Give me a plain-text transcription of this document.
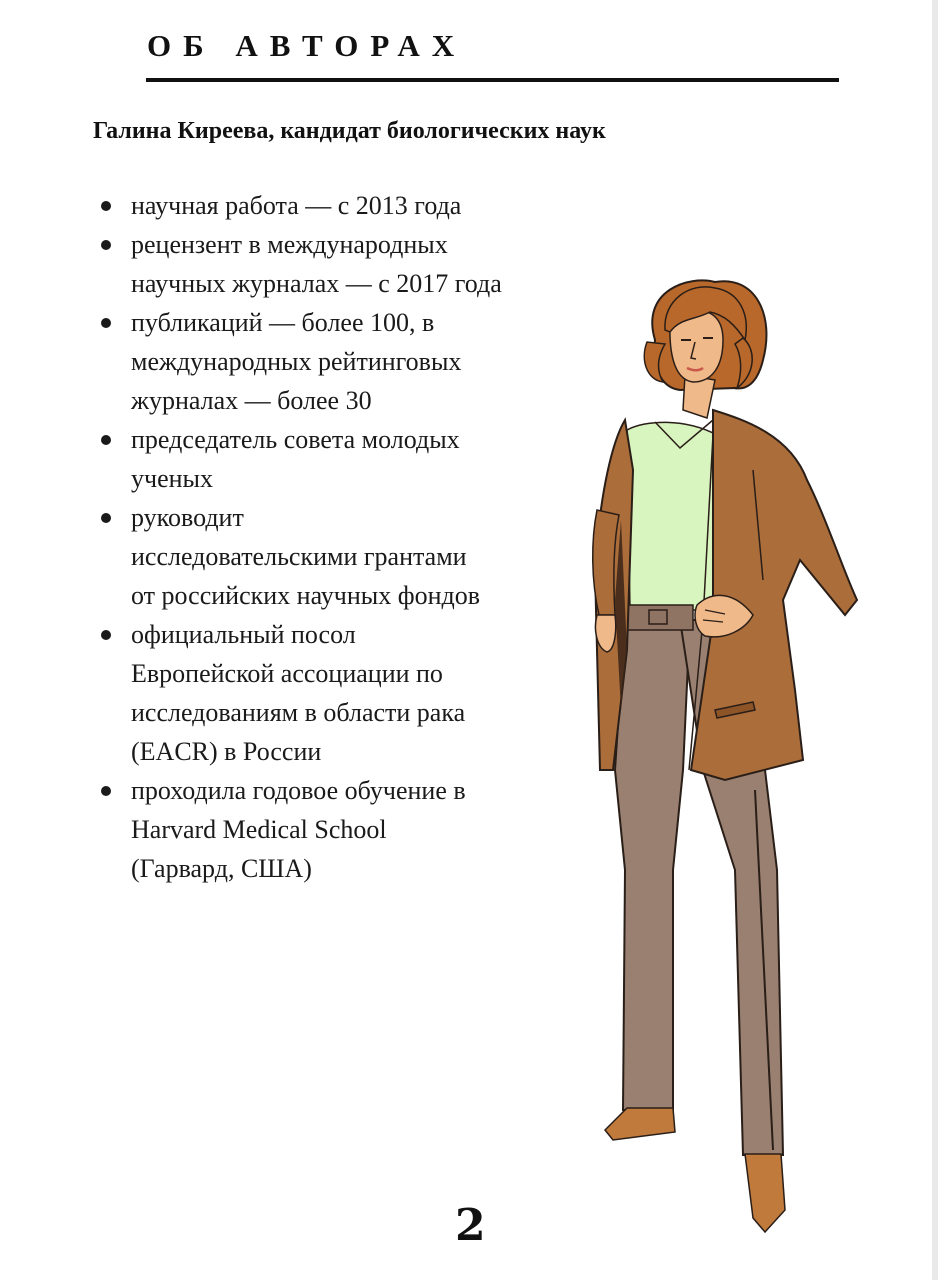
ОБ АВТОРАХ
Галина Киреева, кандидат биологических наук
научная работа — с 2013 года
рецензент в международных
научных журналах — с 2017 года
публикаций — более 100, в
международных рейтинговых
журналах — более 30
председатель совета молодых
ученых
руководит
исследовательскими грантами
от российских научных фондов
официальный посол
Европейской ассоциации по
исследованиям в области рака
(EACR) в России
проходила годовое обучение в
Harvard Medical School
(Гарвард, США)
2
